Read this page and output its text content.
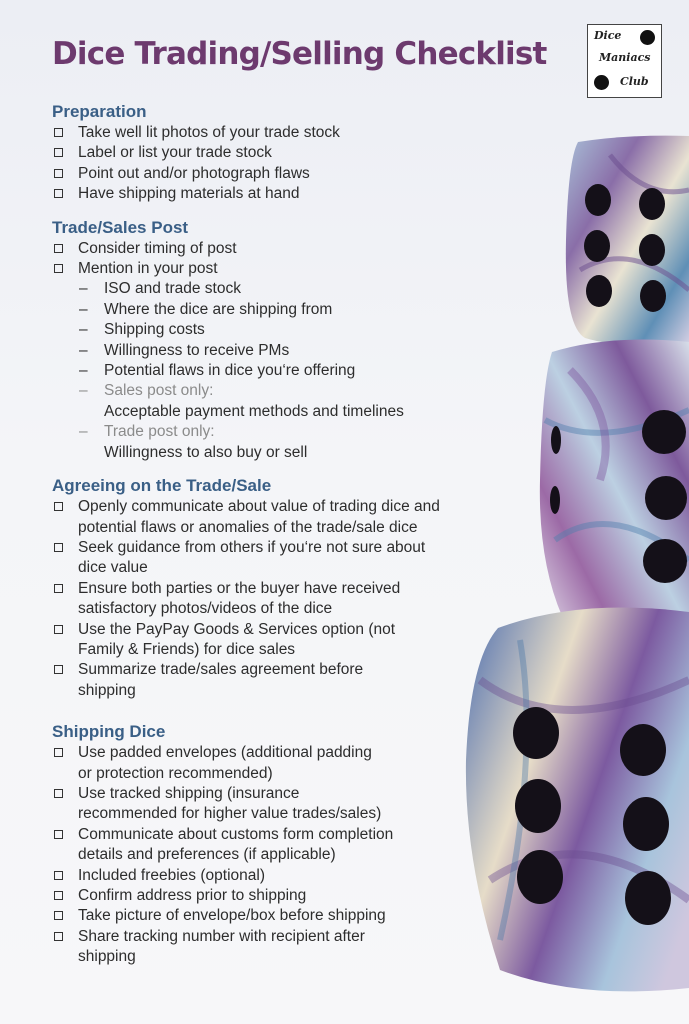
Dice Trading/Selling Checklist
Dice
Maniacs
Club
Preparation
Take well lit photos of your trade stock
Label or list your trade stock
Point out and/or photograph flaws
Have shipping materials at hand
Trade/Sales Post
Consider timing of post
Mention in your post
– ISO and trade stock
– Where the dice are shipping from
– Shipping costs
– Willingness to receive PMs
– Potential flaws in dice you‘re offering
– Sales post only:
Acceptable payment methods and timelines
– Trade post only:
Willingness to also buy or sell
Agreeing on the Trade/Sale
Openly communicate about value of trading dice and
potential flaws or anomalies of the trade/sale dice
Seek guidance from others if you‘re not sure about
dice value
Ensure both parties or the buyer have received
satisfactory photos/videos of the dice
Use the PayPay Goods & Services option (not
Family & Friends) for dice sales
Summarize trade/sales agreement before
shipping
Shipping Dice
Use padded envelopes (additional padding
or protection recommended)
Use tracked shipping (insurance
recommended for higher value trades/sales)
Communicate about customs form completion
details and preferences (if applicable)
Included freebies (optional)
Confirm address prior to shipping
Take picture of envelope/box before shipping
Share tracking number with recipient after
shipping
